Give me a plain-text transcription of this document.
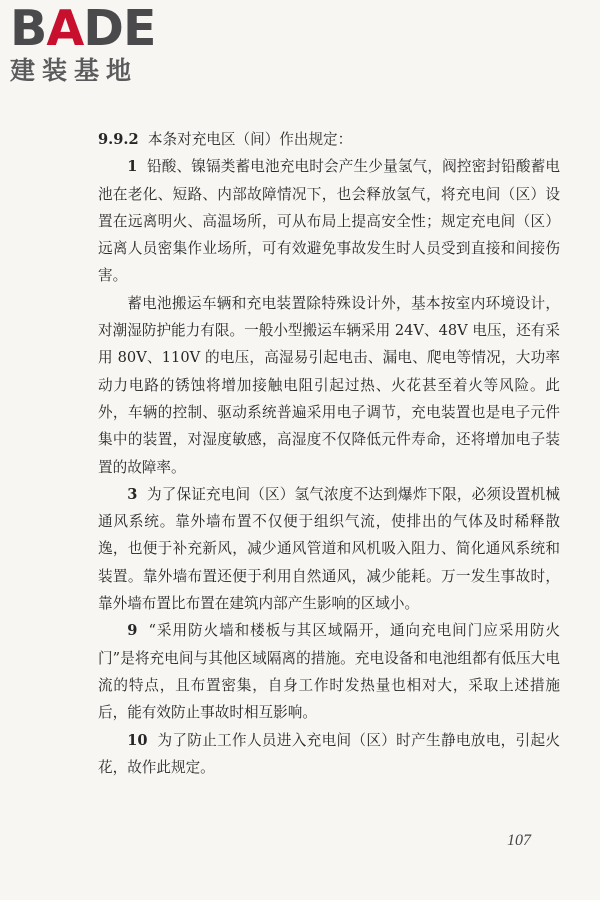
BADE
建装基地

9.9.2 本条对充电区（间）作出规定：

1 铅酸、镍镉类蓄电池充电时会产生少量氢气，阀控密封铅酸蓄电池在老化、短路、内部故障情况下，也会释放氢气，将充电间（区）设置在远离明火、高温场所，可从布局上提高安全性；规定充电间（区）远离人员密集作业场所，可有效避免事故发生时人员受到直接和间接伤害。

蓄电池搬运车辆和充电装置除特殊设计外，基本按室内环境设计，对潮湿防护能力有限。一般小型搬运车辆采用 24V、48V 电压，还有采用 80V、110V 的电压，高湿易引起电击、漏电、爬电等情况，大功率动力电路的锈蚀将增加接触电阻引起过热、火花甚至着火等风险。此外，车辆的控制、驱动系统普遍采用电子调节，充电装置也是电子元件集中的装置，对湿度敏感，高湿度不仅降低元件寿命，还将增加电子装置的故障率。

3 为了保证充电间（区）氢气浓度不达到爆炸下限，必须设置机械通风系统。靠外墙布置不仅便于组织气流，使排出的气体及时稀释散逸，也便于补充新风，减少通风管道和风机吸入阻力、简化通风系统和装置。靠外墙布置还便于利用自然通风，减少能耗。万一发生事故时，靠外墙布置比布置在建筑内部产生影响的区域小。

9 “采用防火墙和楼板与其区域隔开，通向充电间门应采用防火门”是将充电间与其他区域隔离的措施。充电设备和电池组都有低压大电流的特点，且布置密集，自身工作时发热量也相对大，采取上述措施后，能有效防止事故时相互影响。

10 为了防止工作人员进入充电间（区）时产生静电放电，引起火花，故作此规定。

107
